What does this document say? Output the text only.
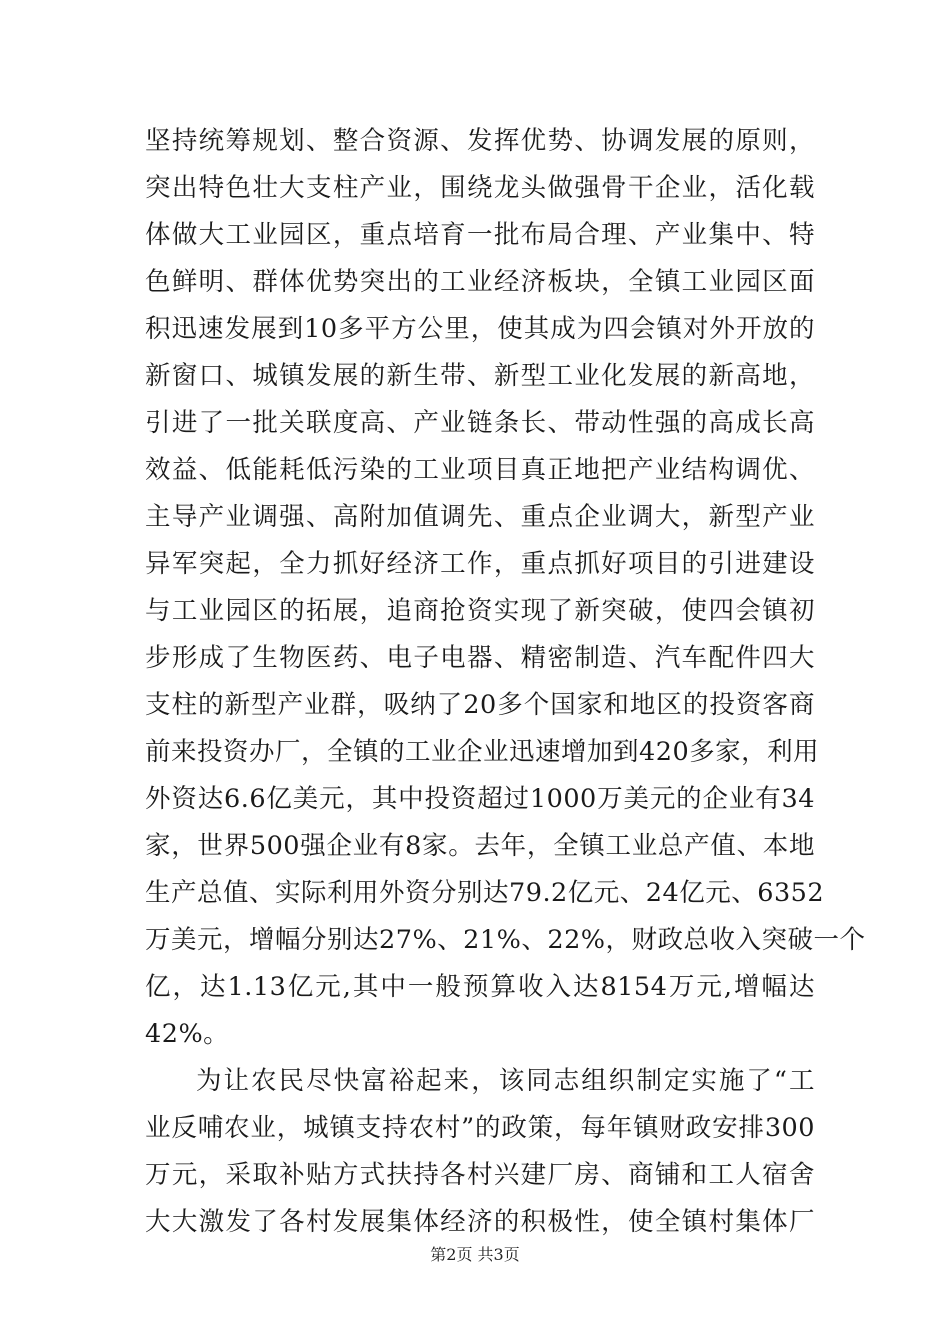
坚持统筹规划、整合资源、发挥优势、协调发展的原则，
突出特色壮大支柱产业，围绕龙头做强骨干企业，活化载
体做大工业园区，重点培育一批布局合理、产业集中、特
色鲜明、群体优势突出的工业经济板块，全镇工业园区面
积迅速发展到10多平方公里，使其成为四会镇对外开放的
新窗口、城镇发展的新生带、新型工业化发展的新高地，
引进了一批关联度高、产业链条长、带动性强的高成长高
效益、低能耗低污染的工业项目真正地把产业结构调优、
主导产业调强、高附加值调先、重点企业调大，新型产业
异军突起，全力抓好经济工作，重点抓好项目的引进建设
与工业园区的拓展，追商抢资实现了新突破，使四会镇初
步形成了生物医药、电子电器、精密制造、汽车配件四大
支柱的新型产业群，吸纳了20多个国家和地区的投资客商
前来投资办厂，全镇的工业企业迅速增加到420多家，利用
外资达6.6亿美元，其中投资超过1000万美元的企业有34
家，世界500强企业有8家。去年，全镇工业总产值、本地
生产总值、实际利用外资分别达79.2亿元、24亿元、6352
万美元，增幅分别达27%、21%、22%，财政总收入突破一个
亿，达1.13亿元,其中一般预算收入达8154万元,增幅达
42%。
为让农民尽快富裕起来，该同志组织制定实施了“工
业反哺农业，城镇支持农村”的政策，每年镇财政安排300
万元，采取补贴方式扶持各村兴建厂房、商铺和工人宿舍
大大激发了各村发展集体经济的积极性，使全镇村集体厂
第2页 共3页
